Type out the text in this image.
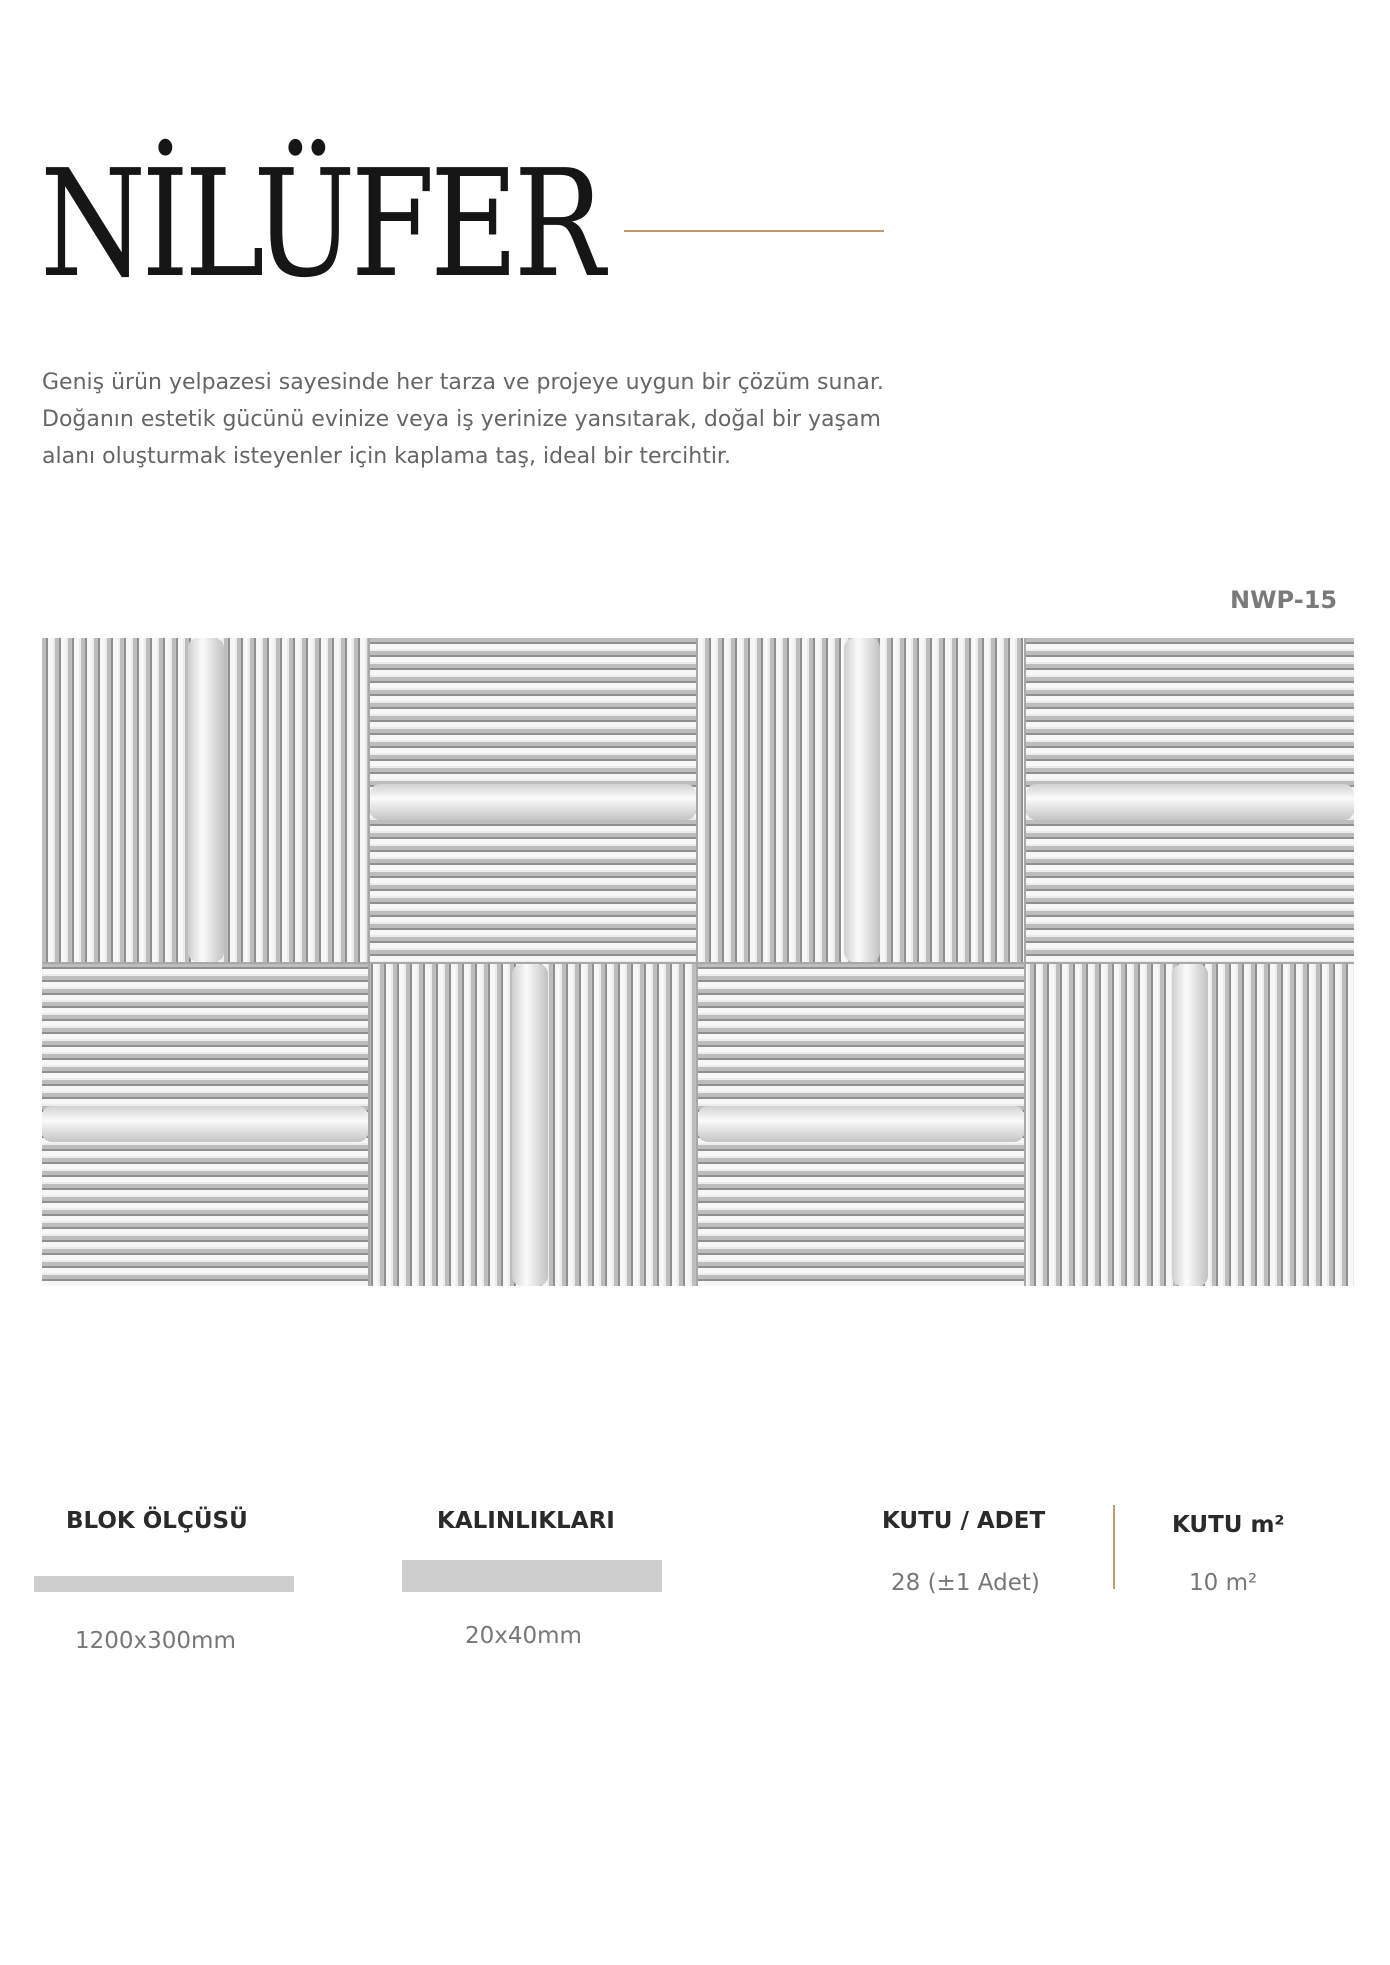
NİLÜFER
Geniş ürün yelpazesi sayesinde her tarza ve projeye uygun bir çözüm sunar.
Doğanın estetik gücünü evinize veya iş yerinize yansıtarak, doğal bir yaşam
alanı oluşturmak isteyenler için kaplama taş, ideal bir tercihtir.
NWP-15
BLOK ÖLÇÜSÜ
1200x300mm
KALINLIKLARI
20x40mm
KUTU / ADET
28 (±1 Adet)
KUTU m²
10 m²
